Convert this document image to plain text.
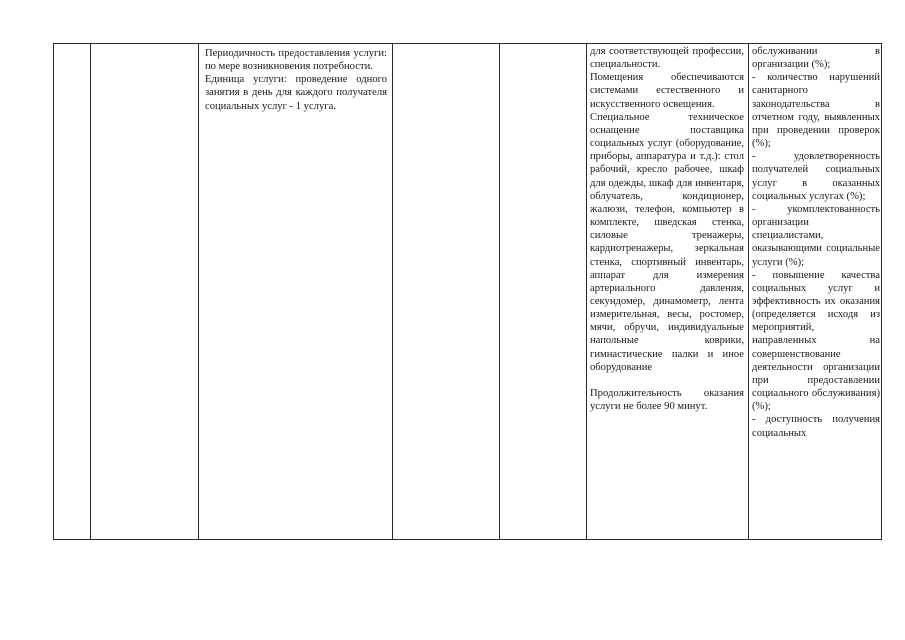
Периодичность предоставления услуги: по мере возникновения потребности.

Единица услуги: проведение одного занятия в день для каждого получателя социальных услуг - 1 услуга.

для соответствующей профессии, специальности.

Помещения обеспечиваются системами естественного и искусственного освещения.

Специальное техническое оснащение поставщика социальных услуг (оборудование, приборы, аппаратура и т.д.): стол рабочий, кресло рабочее, шкаф для одежды, шкаф для инвентаря, облучатель, кондиционер, жалюзи, телефон, компьютер в комплекте, шведская стенка, силовые тренажеры, кардиотренажеры, зеркальная стенка, спортивный инвентарь, аппарат для измерения артериального давления, секундомер, динамометр, лента измерительная, весы, ростомер, мячи, обручи, индивидуальные напольные коврики, гимнастические палки и иное оборудование

Продолжительность оказания услуги не более 90 минут.

обслуживании в организации (%);

- количество нарушений санитарного законодательства в отчетном году, выявленных при проведении проверок (%);

- удовлетворенность получателей социальных услуг в оказанных социальных услугах (%);

- укомплектованность организации специалистами, оказывающими социальные услуги (%);

- повышение качества социальных услуг и эффективность их оказания (определяется исходя из мероприятий, направленных на совершенствование деятельности организации при предоставлении социального обслуживания) (%);

- доступность получения социальных
